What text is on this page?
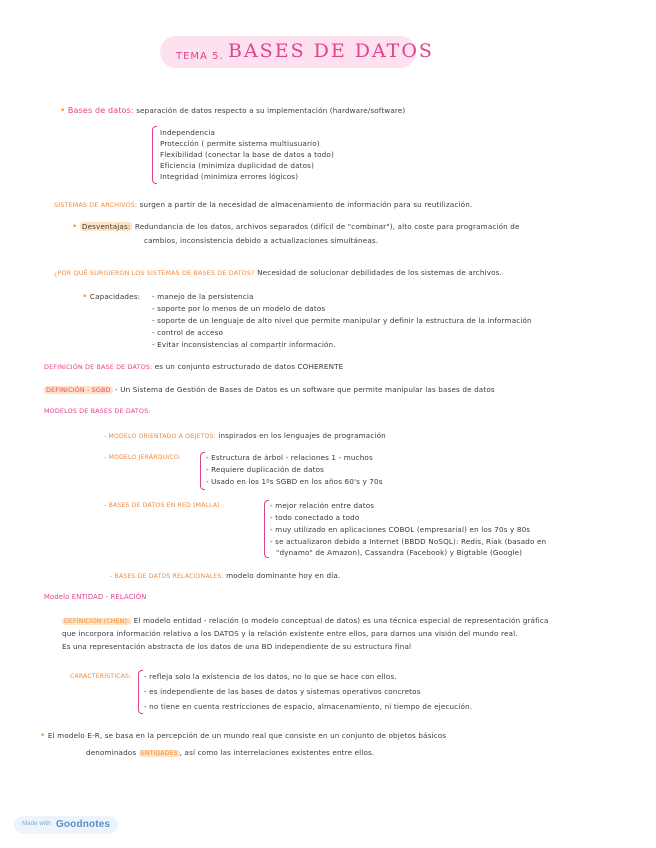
TEMA 5. BASES DE DATOS
• Bases de datos: separación de datos respecto a su implementación (hardware/software)
Independencia
Protección ( permite sistema multiusuario)
Flexibilidad (conectar la base de datos a todo)
Eficiencia (minimiza duplicidad de datos)
Integridad (minimiza errores lógicos)
SISTEMAS DE ARCHIVOS: surgen a partir de la necesidad de almacenamiento de información para su reutilización.
• Desventajas: Redundancia de los datos, archivos separados (difícil de "combinar"), alto coste para programación de
cambios, inconsistencia debido a actualizaciones simultáneas.
¿POR QUÉ SURGIERON LOS SISTEMAS DE BASES DE DATOS? Necesidad de solucionar debilidades de los sistemas de archivos.
• Capacidades: - manejo de la persistencia
- soporte por lo menos de un modelo de datos
- soporte de un lenguaje de alto nivel que permite manipular y definir la estructura de la información
- control de acceso
- Evitar inconsistencias al compartir información.
DEFINICIÓN DE BASE DE DATOS: es un conjunto estructurado de datos COHERENTE
DEFINICIÓN - SGBD - Un Sistema de Gestión de Bases de Datos es un software que permite manipular las bases de datos
MODELOS DE BASES DE DATOS:
- MODELO ORIENTADO A OBJETOS: inspirados en los lenguajes de programación
- MODELO JERÁRQUICO:	- Estructura de árbol - relaciones 1 - muchos
- Requiere duplicación de datos
- Usado en los 1ºs SGBD en los años 60's y 70s
- BASES DE DATOS EN RED (MALLA)	- mejor relación entre datos
- todo conectado a todo
- muy utilizado en aplicaciones COBOL (empresarial) en los 70s y 80s
- se actualizaron debido a Internet (BBDD NoSQL): Redis, Riak (basado en
"dynamo" de Amazon), Cassandra (Facebook) y Bigtable (Google)
- BASES DE DATOS RELACIONALES: modelo dominante hoy en día.
Modelo ENTIDAD - RELACIÓN
DEFINICIÓN (CHEN): El modelo entidad - relación (o modelo conceptual de datos) es una técnica especial de representación gráfica
que incorpora información relativa a los DATOS y la relación existente entre ellos, para darnos una visión del mundo real.
Es una representación abstracta de los datos de una BD independiente de su estructura final
CARACTERÍSTICAS: - refleja solo la existencia de los datos, no lo que se hace con ellos.
- es independiente de las bases de datos y sistemas operativos concretos
- no tiene en cuenta restricciones de espacio, almacenamiento, ni tiempo de ejecución.
• El modelo E-R, se basa en la percepción de un mundo real que consiste en un conjunto de objetos básicos
denominados ENTIDADES , así como las interrelaciones existentes entre ellos.
Made with Goodnotes
